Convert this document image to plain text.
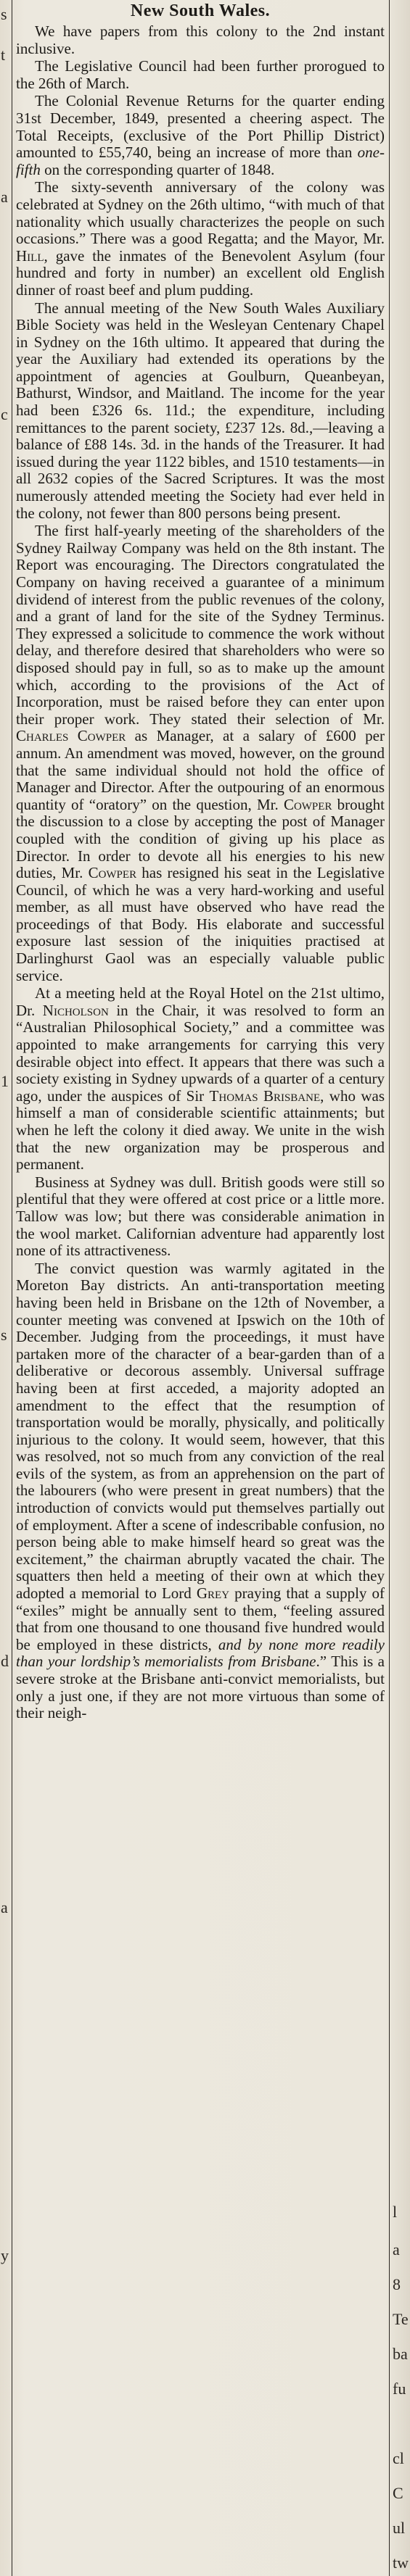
s
t
a
c
1
s
d
a
y
l
a
8
Te
ba
fu
cl
C
ul
tw
New South Wales.

We have papers from this colony to the 2nd instant inclusive.

The Legislative Council had been further prorogued to the 26th of March.

The Colonial Revenue Returns for the quarter ending 31st December, 1849, presented a cheering aspect. The Total Receipts, (exclusive of the Port Phillip District) amounted to £55,740, being an increase of more than one-fifth on the corresponding quarter of 1848.

The sixty-seventh anniversary of the colony was celebrated at Sydney on the 26th ultimo, “with much of that nationality which usually characterizes the people on such occasions.” There was a good Regatta; and the Mayor, Mr. Hill, gave the inmates of the Benevolent Asylum (four hundred and forty in number) an excellent old English dinner of roast beef and plum pudding.

The annual meeting of the New South Wales Auxiliary Bible Society was held in the Wesleyan Centenary Chapel in Sydney on the 16th ultimo. It appeared that during the year the Auxiliary had extended its operations by the appointment of agencies at Goulburn, Queanbeyan, Bathurst, Windsor, and Maitland. The income for the year had been £326 6s. 11d.; the expenditure, including remittances to the parent society, £237 12s. 8d.,—leaving a balance of £88 14s. 3d. in the hands of the Treasurer. It had issued during the year 1122 bibles, and 1510 testaments—in all 2632 copies of the Sacred Scriptures. It was the most numerously attended meeting the Society had ever held in the colony, not fewer than 800 persons being present.

The first half-yearly meeting of the shareholders of the Sydney Railway Company was held on the 8th instant. The Report was encouraging. The Directors congratulated the Company on having received a guarantee of a minimum dividend of interest from the public revenues of the colony, and a grant of land for the site of the Sydney Terminus. They expressed a solicitude to commence the work without delay, and therefore desired that shareholders who were so disposed should pay in full, so as to make up the amount which, according to the provisions of the Act of Incorporation, must be raised before they can enter upon their proper work. They stated their selection of Mr. Charles Cowper as Manager, at a salary of £600 per annum. An amendment was moved, however, on the ground that the same individual should not hold the office of Manager and Director. After the outpouring of an enormous quantity of “oratory” on the question, Mr. Cowper brought the discussion to a close by accepting the post of Manager coupled with the condition of giving up his place as Director. In order to devote all his energies to his new duties, Mr. Cowper has resigned his seat in the Legislative Council, of which he was a very hard-working and useful member, as all must have observed who have read the proceedings of that Body. His elaborate and successful exposure last session of the iniquities practised at Darlinghurst Gaol was an especially valuable public service.

At a meeting held at the Royal Hotel on the 21st ultimo, Dr. Nicholson in the Chair, it was resolved to form an “Australian Philosophical Society,” and a committee was appointed to make arrangements for carrying this very desirable object into effect. It appears that there was such a society existing in Sydney upwards of a quarter of a century ago, under the auspices of Sir Thomas Brisbane, who was himself a man of considerable scientific attainments; but when he left the colony it died away. We unite in the wish that the new organization may be prosperous and permanent.

Business at Sydney was dull. British goods were still so plentiful that they were offered at cost price or a little more. Tallow was low; but there was considerable animation in the wool market. Californian adventure had apparently lost none of its attractiveness.

The convict question was warmly agitated in the Moreton Bay districts. An anti-transportation meeting having been held in Brisbane on the 12th of November, a counter meeting was convened at Ipswich on the 10th of December. Judging from the proceedings, it must have partaken more of the character of a bear-garden than of a deliberative or decorous assembly. Universal suffrage having been at first acceded, a majority adopted an amendment to the effect that the resumption of transportation would be morally, physically, and politically injurious to the colony. It would seem, however, that this was resolved, not so much from any conviction of the real evils of the system, as from an apprehension on the part of the labourers (who were present in great numbers) that the introduction of convicts would put themselves partially out of employment. After a scene of indescribable confusion, no person being able to make himself heard so great was the excitement,” the chairman abruptly vacated the chair. The squatters then held a meeting of their own at which they adopted a memorial to Lord Grey praying that a supply of “exiles” might be annually sent to them, “feeling assured that from one thousand to one thousand five hundred would be employed in these districts, and by none more readily than your lordship’s memorialists from Brisbane.” This is a severe stroke at the Brisbane anti-convict memorialists, but only a just one, if they are not more virtuous than some of their neigh-
